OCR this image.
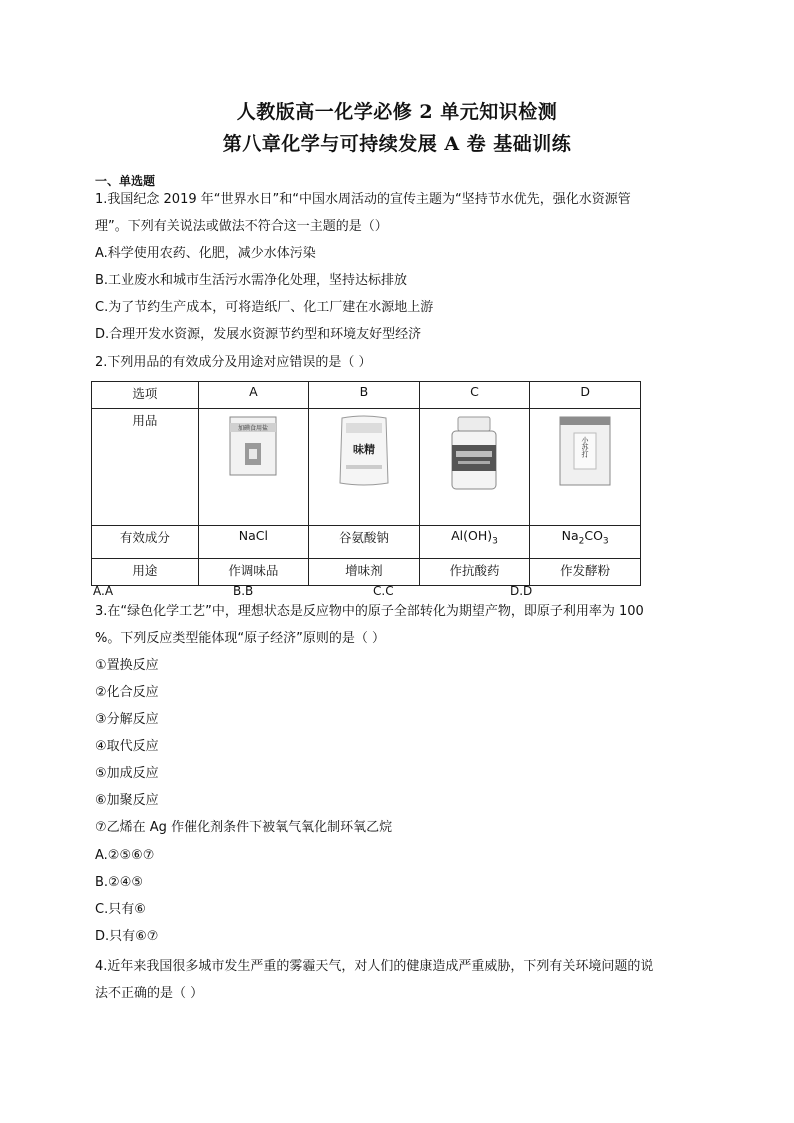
人教版高一化学必修 2 单元知识检测
第八章化学与可持续发展 A 卷 基础训练
一、单选题
1.我国纪念 2019 年“世界水日”和“中国水周活动的宣传主题为“坚持节水优先，强化水资源管
理”。下列有关说法或做法不符合这一主题的是（）
A.科学使用农药、化肥，减少水体污染
B.工业废水和城市生活污水需净化处理，坚持达标排放
C.为了节约生产成本，可将造纸厂、化工厂建在水源地上游
D.合理开发水资源，发展水资源节约型和环境友好型经济
2.下列用品的有效成分及用途对应错误的是（ ）
选项	A	B	C	D
用品	加碘食用盐	味精		小苏打

有效成分	NaCl	谷氨酸钠	$Al(OH)_3$	$Na_2CO_3$
用途	作调味品	增味剂	作抗酸药	作发酵粉
A.A	B.B	C.C	D.D
3.在“绿色化学工艺”中，理想状态是反应物中的原子全部转化为期望产物，即原子利用率为 100
%。下列反应类型能体现“原子经济”原则的是（ ）
①置换反应
②化合反应
③分解反应
④取代反应
⑤加成反应
⑥加聚反应
⑦乙烯在 Ag 作催化剂条件下被氧气氧化制环氧乙烷
A.②⑤⑥⑦
B.②④⑤
C.只有⑥
D.只有⑥⑦
4.近年来我国很多城市发生严重的雾霾天气，对人们的健康造成严重威胁，下列有关环境问题的说
法不正确的是（ ）
